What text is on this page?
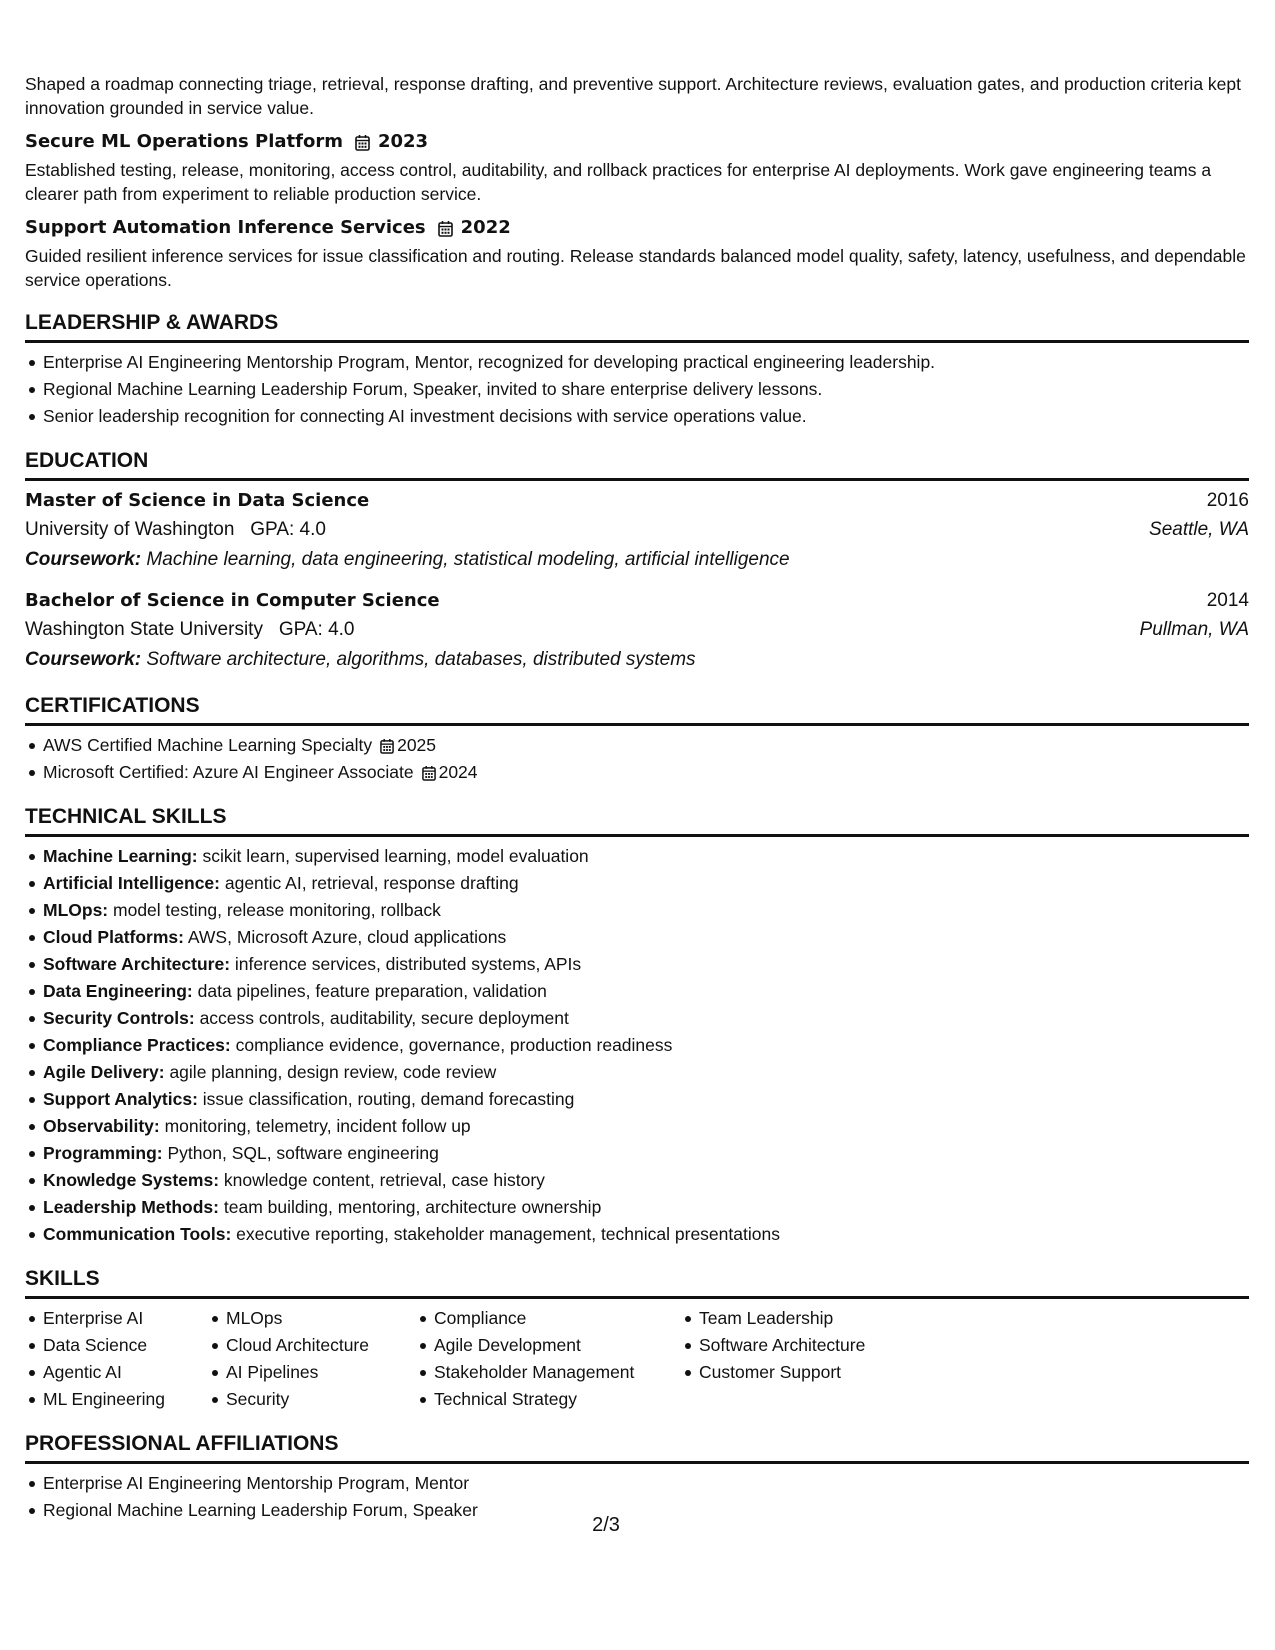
Shaped a roadmap connecting triage, retrieval, response drafting, and preventive support. Architecture reviews, evaluation gates, and production criteria kept innovation grounded in service value.

Secure ML Operations Platform 2023

Established testing, release, monitoring, access control, auditability, and rollback practices for enterprise AI deployments. Work gave engineering teams a clearer path from experiment to reliable production service.

Support Automation Inference Services 2022

Guided resilient inference services for issue classification and routing. Release standards balanced model quality, safety, latency, usefulness, and dependable service operations.

LEADERSHIP & AWARDS
Enterprise AI Engineering Mentorship Program, Mentor, recognized for developing practical engineering leadership.
Regional Machine Learning Leadership Forum, Speaker, invited to share enterprise delivery lessons.
Senior leadership recognition for connecting AI investment decisions with service operations value.
EDUCATION
Master of Science in Data Science	2016
University of Washington GPA: 4.0	Seattle, WA
Coursework: Machine learning, data engineering, statistical modeling, artificial intelligence
Bachelor of Science in Computer Science	2014
Washington State University GPA: 4.0	Pullman, WA
Coursework: Software architecture, algorithms, databases, distributed systems
CERTIFICATIONS
AWS Certified Machine Learning Specialty 2025
Microsoft Certified: Azure AI Engineer Associate 2024
TECHNICAL SKILLS
Machine Learning: scikit learn, supervised learning, model evaluation
Artificial Intelligence: agentic AI, retrieval, response drafting
MLOps: model testing, release monitoring, rollback
Cloud Platforms: AWS, Microsoft Azure, cloud applications
Software Architecture: inference services, distributed systems, APIs
Data Engineering: data pipelines, feature preparation, validation
Security Controls: access controls, auditability, secure deployment
Compliance Practices: compliance evidence, governance, production readiness
Agile Delivery: agile planning, design review, code review
Support Analytics: issue classification, routing, demand forecasting
Observability: monitoring, telemetry, incident follow up
Programming: Python, SQL, software engineering
Knowledge Systems: knowledge content, retrieval, case history
Leadership Methods: team building, mentoring, architecture ownership
Communication Tools: executive reporting, stakeholder management, technical presentations
SKILLS
Enterprise AI
Data Science
Agentic AI
ML Engineering
MLOps
Cloud Architecture
AI Pipelines
Security
Compliance
Agile Development
Stakeholder Management
Technical Strategy
Team Leadership
Software Architecture
Customer Support
PROFESSIONAL AFFILIATIONS
Enterprise AI Engineering Mentorship Program, Mentor
Regional Machine Learning Leadership Forum, Speaker
2/3
